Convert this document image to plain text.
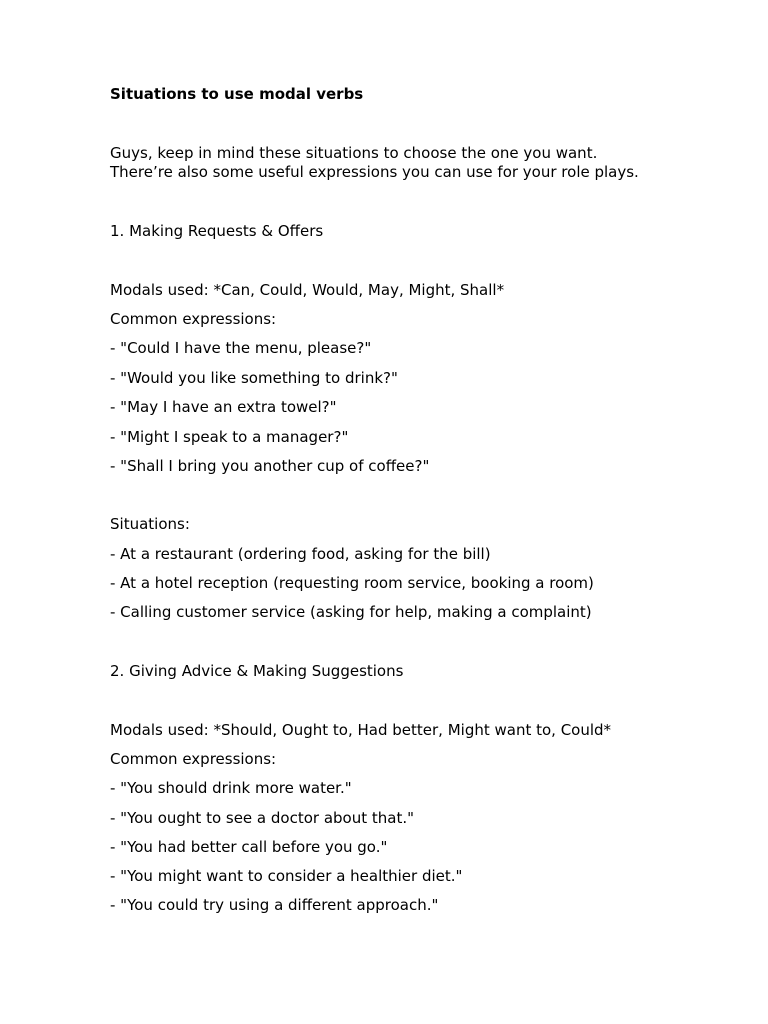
Situations to use modal verbs
Guys, keep in mind these situations to choose the one you want.
There’re also some useful expressions you can use for your role plays.
1. Making Requests & Offers
Modals used: *Can, Could, Would, May, Might, Shall*
Common expressions:
- "Could I have the menu, please?"
- "Would you like something to drink?"
- "May I have an extra towel?"
- "Might I speak to a manager?"
- "Shall I bring you another cup of coffee?"
Situations:
- At a restaurant (ordering food, asking for the bill)
- At a hotel reception (requesting room service, booking a room)
- Calling customer service (asking for help, making a complaint)
2. Giving Advice & Making Suggestions
Modals used: *Should, Ought to, Had better, Might want to, Could*
Common expressions:
- "You should drink more water."
- "You ought to see a doctor about that."
- "You had better call before you go."
- "You might want to consider a healthier diet."
- "You could try using a different approach."
